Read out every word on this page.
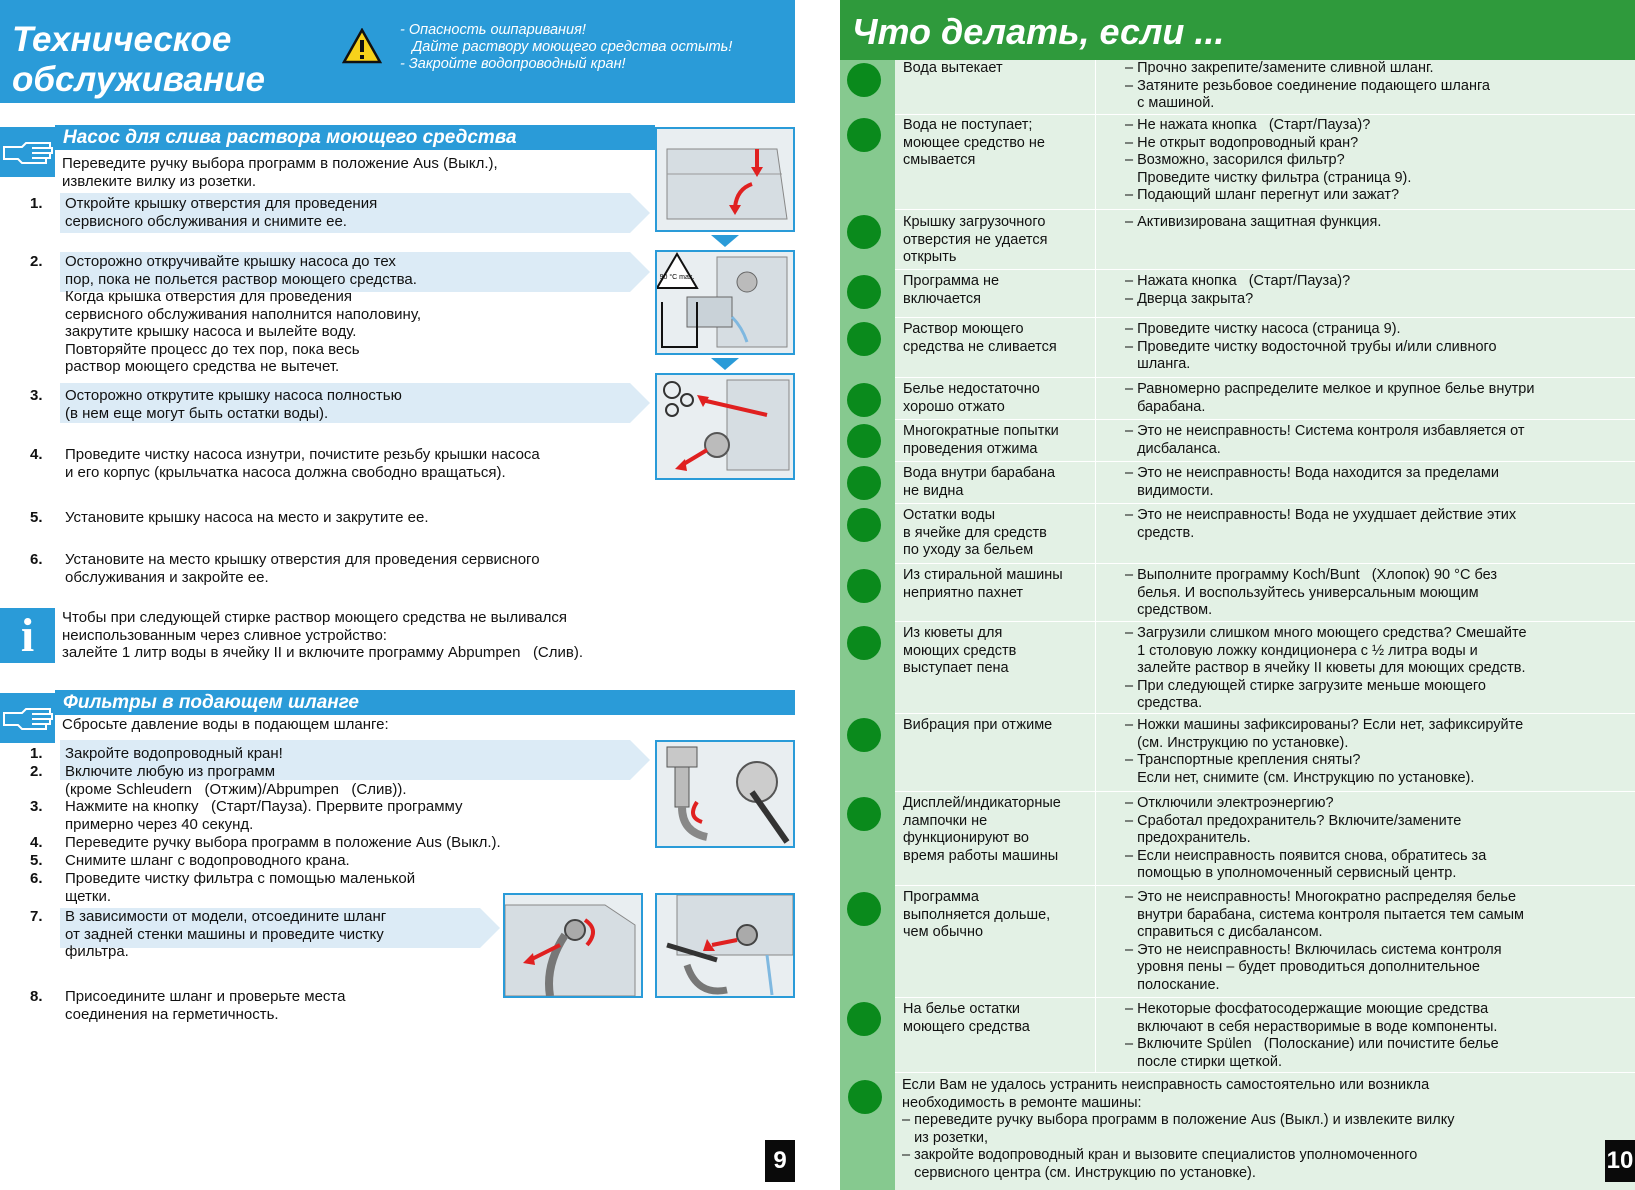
Техническое
обслуживание
- Опасность ошпаривания!
Дайте раствору моющего средства остыть!
- Закройте водопроводный кран!
Насос для слива раствора моющего средства
Переведите ручку выбора программ в положение Aus (Выкл.),
извлеките вилку из розетки.
1. Откройте крышку отверстия для проведения
сервисного обслуживания и снимите ее.
2. Осторожно откручивайте крышку насоса до тех
пор, пока не польется раствор моющего средства.
Когда крышка отверстия для проведения
сервисного обслуживания наполнится наполовину,
закрутите крышку насоса и вылейте воду.
Повторяйте процесс до тех пор, пока весь
раствор моющего средства не вытечет.
3. Осторожно открутите крышку насоса полностью
(в нем еще могут быть остатки воды).
4. Проведите чистку насоса изнутри, почистите резьбу крышки насоса
и его корпус (крыльчатка насоса должна свободно вращаться).
5. Установите крышку насоса на место и закрутите ее.
6. Установите на место крышку отверстия для проведения сервисного
обслуживания и закройте ее.
90 °C max.
i	Чтобы при следующей стирке раствор моющего средства не выливался
неиспользованным через сливное устройство:
залейте 1 литр воды в ячейку II и включите программу Abpumpen   (Слив).
Фильтры в подающем шланге
Сбросьте давление воды в подающем шланге:
1. Закройте водопроводный кран!
2. Включите любую из программ
(кроме Schleudern   (Отжим)/Abpumpen   (Слив)).
3. Нажмите на кнопку   (Старт/Пауза). Прервите программу
примерно через 40 секунд.
4. Переведите ручку выбора программ в положение Aus (Выкл.).
5. Снимите шланг с водопроводного крана.
6. Проведите чистку фильтра с помощью маленькой
щетки.
7. В зависимости от модели, отсоедините шланг
от задней стенки машины и проведите чистку
фильтра.
8. Присоедините шланг и проверьте места
соединения на герметичность.
9
Что делать, если ...
Вода вытекает	– Прочно закрепите/замените сливной шланг.
– Затяните резьбовое соединение подающего шланга
с машиной.
Вода не поступает;
моющее средство не
смывается
– Не нажата кнопка   (Старт/Пауза)?
– Не открыт водопроводный кран?
– Возможно, засорился фильтр?
Проведите чистку фильтра (страница 9).
– Подающий шланг перегнут или зажат?
Крышку загрузочного
отверстия не удается
открыть
– Активизирована защитная функция.
Программа не
включается
– Нажата кнопка   (Старт/Пауза)?
– Дверца закрыта?
Раствор моющего
средства не сливается
– Проведите чистку насоса (страница 9).
– Проведите чистку водосточной трубы и/или сливного
шланга.
Белье недостаточно
хорошо отжато
– Равномерно распределите мелкое и крупное белье внутри
барабана.
Многократные попытки
проведения отжима
– Это не неисправность! Система контроля избавляется от
дисбаланса.
Вода внутри барабана
не видна
– Это не неисправность! Вода находится за пределами
видимости.
Остатки воды
в ячейке для средств
по уходу за бельем
– Это не неисправность! Вода не ухудшает действие этих
средств.
Из стиральной машины
неприятно пахнет
– Выполните программу Koch/Bunt   (Хлопок) 90 °C без
белья. И воспользуйтесь универсальным моющим
средством.
Из кюветы для
моющих средств
выступает пена
– Загрузили слишком много моющего средства? Смешайте
1 столовую ложку кондиционера с ½ литра воды и
залейте раствор в ячейку II кюветы для моющих средств.
– При следующей стирке загрузите меньше моющего
средства.
Вибрация при отжиме	– Ножки машины зафиксированы? Если нет, зафиксируйте
(см. Инструкцию по установке).
– Транспортные крепления сняты?
Если нет, снимите (см. Инструкцию по установке).
Дисплей/индикаторные
лампочки не
функционируют во
время работы машины
– Отключили электроэнергию?
– Сработал предохранитель? Включите/замените
предохранитель.
– Если неисправность появится снова, обратитесь за
помощью в уполномоченный сервисный центр.
Программа
выполняется дольше,
чем обычно
– Это не неисправность! Многократно распределяя белье
внутри барабана, система контроля пытается тем самым
справиться с дисбалансом.
– Это не неисправность! Включилась система контроля
уровня пены – будет проводиться дополнительное
полоскание.
На белье остатки
моющего средства
– Некоторые фосфатосодержащие моющие средства
включают в себя нерастворимые в воде компоненты.
– Включите Spülen   (Полоскание) или почистите белье
после стирки щеткой.
Если Вам не удалось устранить неисправность самостоятельно или возникла
необходимость в ремонте машины:
– переведите ручку выбора программ в положение Aus (Выкл.) и извлеките вилку
из розетки,
– закройте водопроводный кран и вызовите специалистов уполномоченного
сервисного центра (см. Инструкцию по установке).	10
